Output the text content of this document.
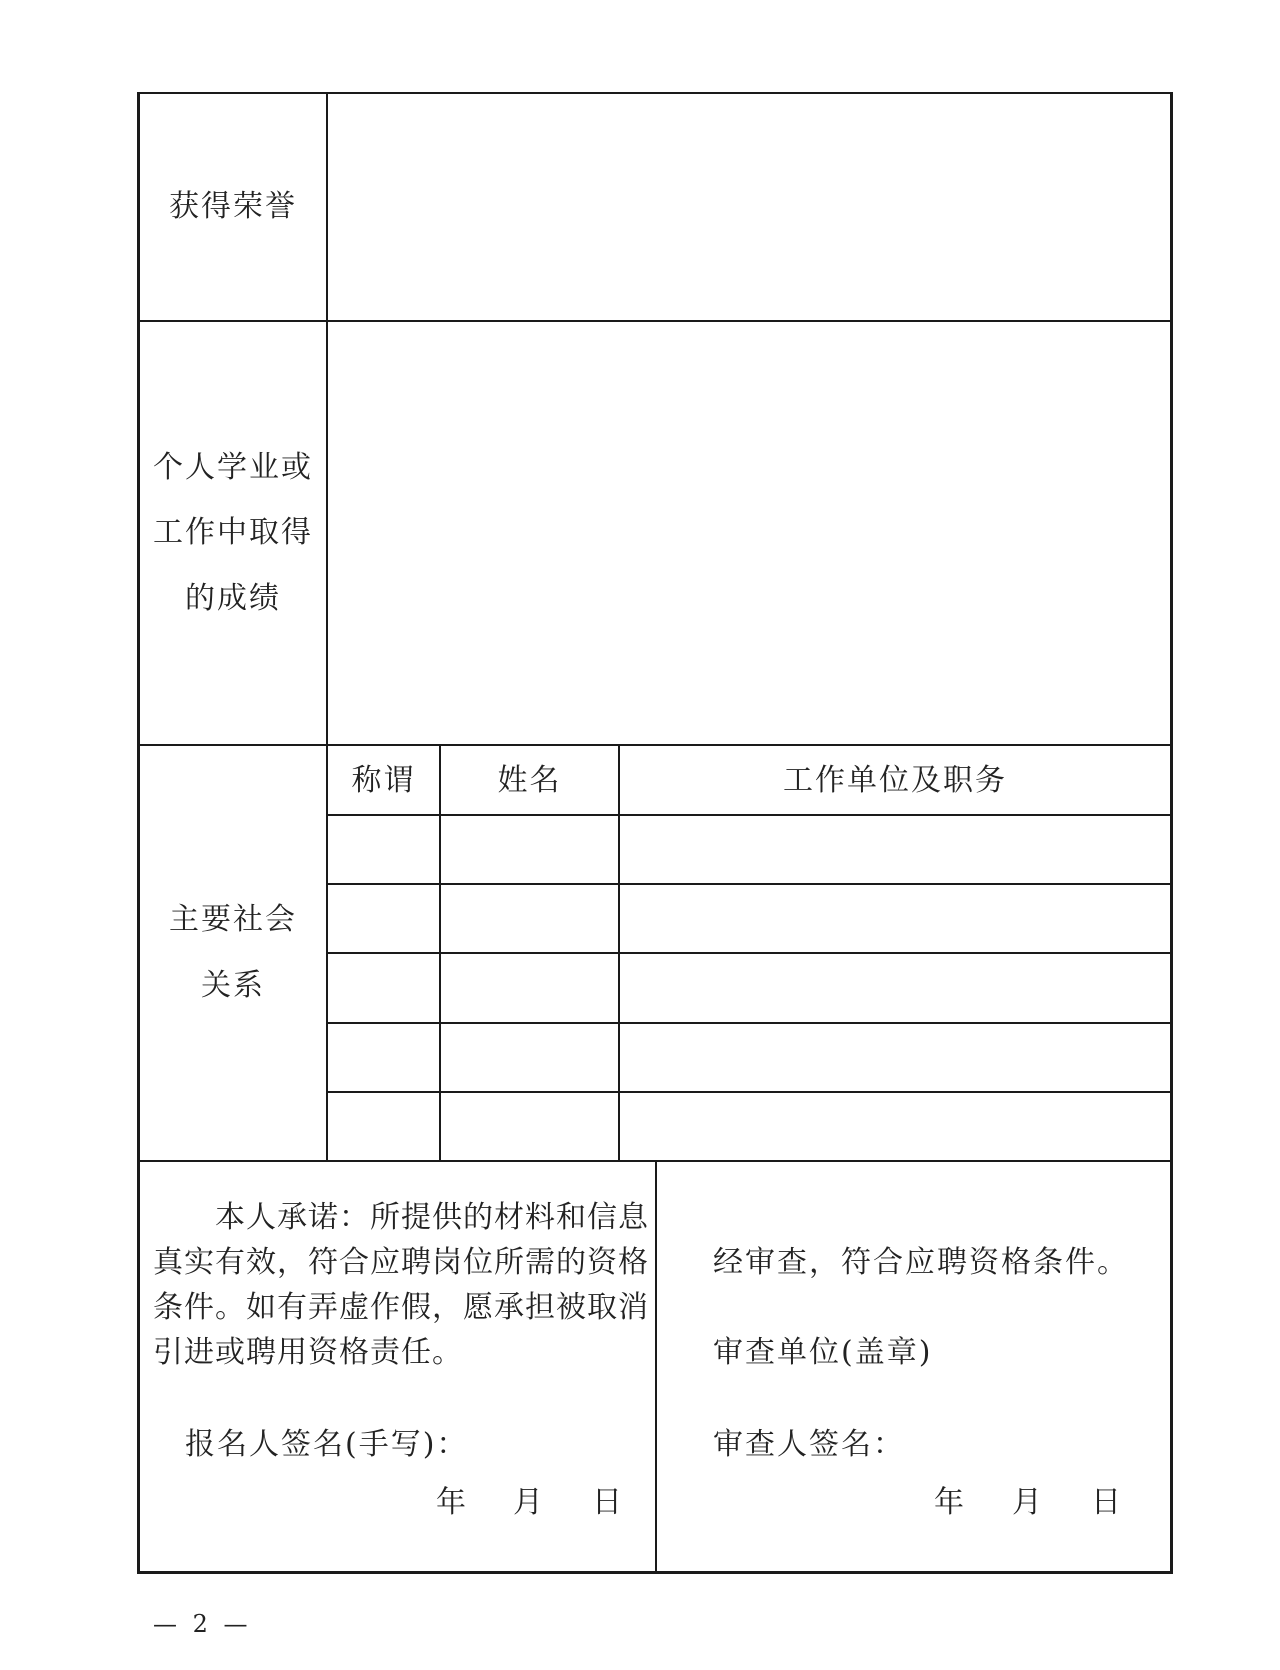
获得荣誉
个人学业或
工作中取得
的成绩
主要社会
关系
称谓	姓名	工作单位及职务
本人承诺：所提供的材料和信息
真实有效，符合应聘岗位所需的资格
条件。如有弄虚作假，愿承担被取消
引进或聘用资格责任。
报名人签名(手写)：
年 月 日
经审查，符合应聘资格条件。
审查单位(盖章)
审查人签名：
年 月 日
— 2 —
